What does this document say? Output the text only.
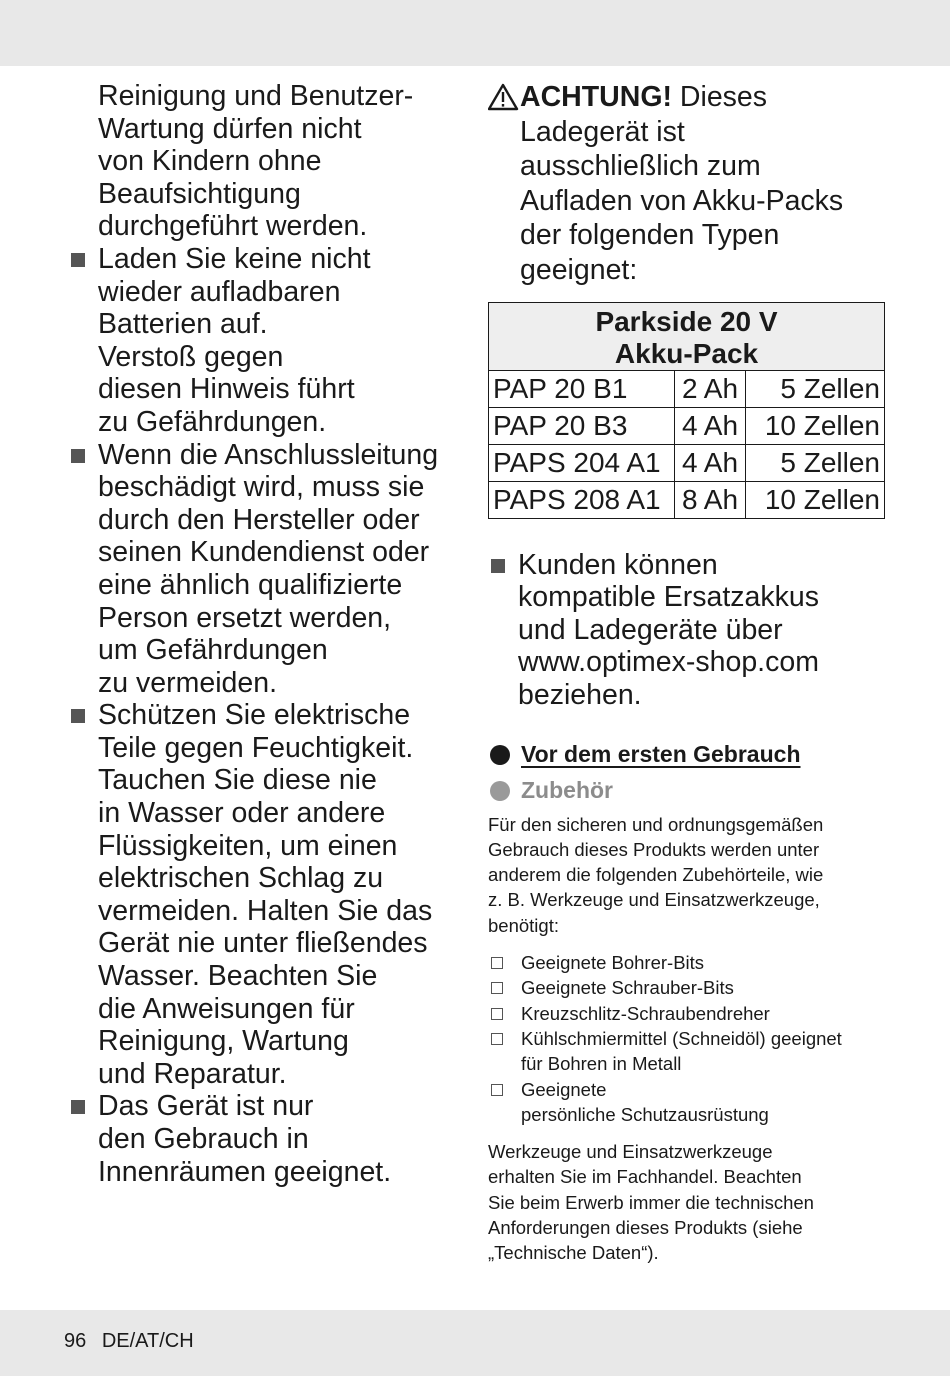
Reinigung und Benutzer-

Wartung dürfen nicht

von Kindern ohne

Beaufsichtigung

durchgeführt werden.

Laden Sie keine nicht

wieder aufladbaren

Batterien auf.

Verstoß gegen

diesen Hinweis führt

zu Gefährdungen.

Wenn die Anschlussleitung

beschädigt wird, muss sie

durch den Hersteller oder

seinen Kundendienst oder

eine ähnlich qualifizierte

Person ersetzt werden,

um Gefährdungen

zu vermeiden.

Schützen Sie elektrische

Teile gegen Feuchtigkeit.

Tauchen Sie diese nie

in Wasser oder andere

Flüssigkeiten, um einen

elektrischen Schlag zu

vermeiden. Halten Sie das

Gerät nie unter fließendes

Wasser. Beachten Sie

die Anweisungen für

Reinigung, Wartung

und Reparatur.

Das Gerät ist nur

den Gebrauch in

Innenräumen geeignet.

ACHTUNG! Dieses
Ladegerät ist
ausschließlich zum
Aufladen von Akku-Packs
der folgenden Typen
geeignet:
Parkside 20 V
Akku-Pack		

PAP 20 B1	2 Ah	5 Zellen
PAP 20 B3	4 Ah	10 Zellen
PAPS 204 A1	4 Ah	5 Zellen
PAPS 208 A1	8 Ah	10 Zellen

Kunden können

kompatible Ersatzakkus

und Ladegeräte über

www.optimex-shop.com

beziehen.

Vor dem ersten Gebrauch
Zubehör

Für den sicheren und ordnungsgemäßen

Gebrauch dieses Produkts werden unter

anderem die folgenden Zubehörteile, wie

z. B. Werkzeuge und Einsatzwerkzeuge,

benötigt:

Geeignete Bohrer-Bits
Geeignete Schrauber-Bits
Kreuzschlitz-Schraubendreher
Kühlschmiermittel (Schneidöl) geeignet
für Bohren in Metall
Geeignete
persönliche Schutzausrüstung

Werkzeuge und Einsatzwerkzeuge

erhalten Sie im Fachhandel. Beachten

Sie beim Erwerb immer die technischen

Anforderungen dieses Produkts (siehe

„Technische Daten“).

96 DE/AT/CH
